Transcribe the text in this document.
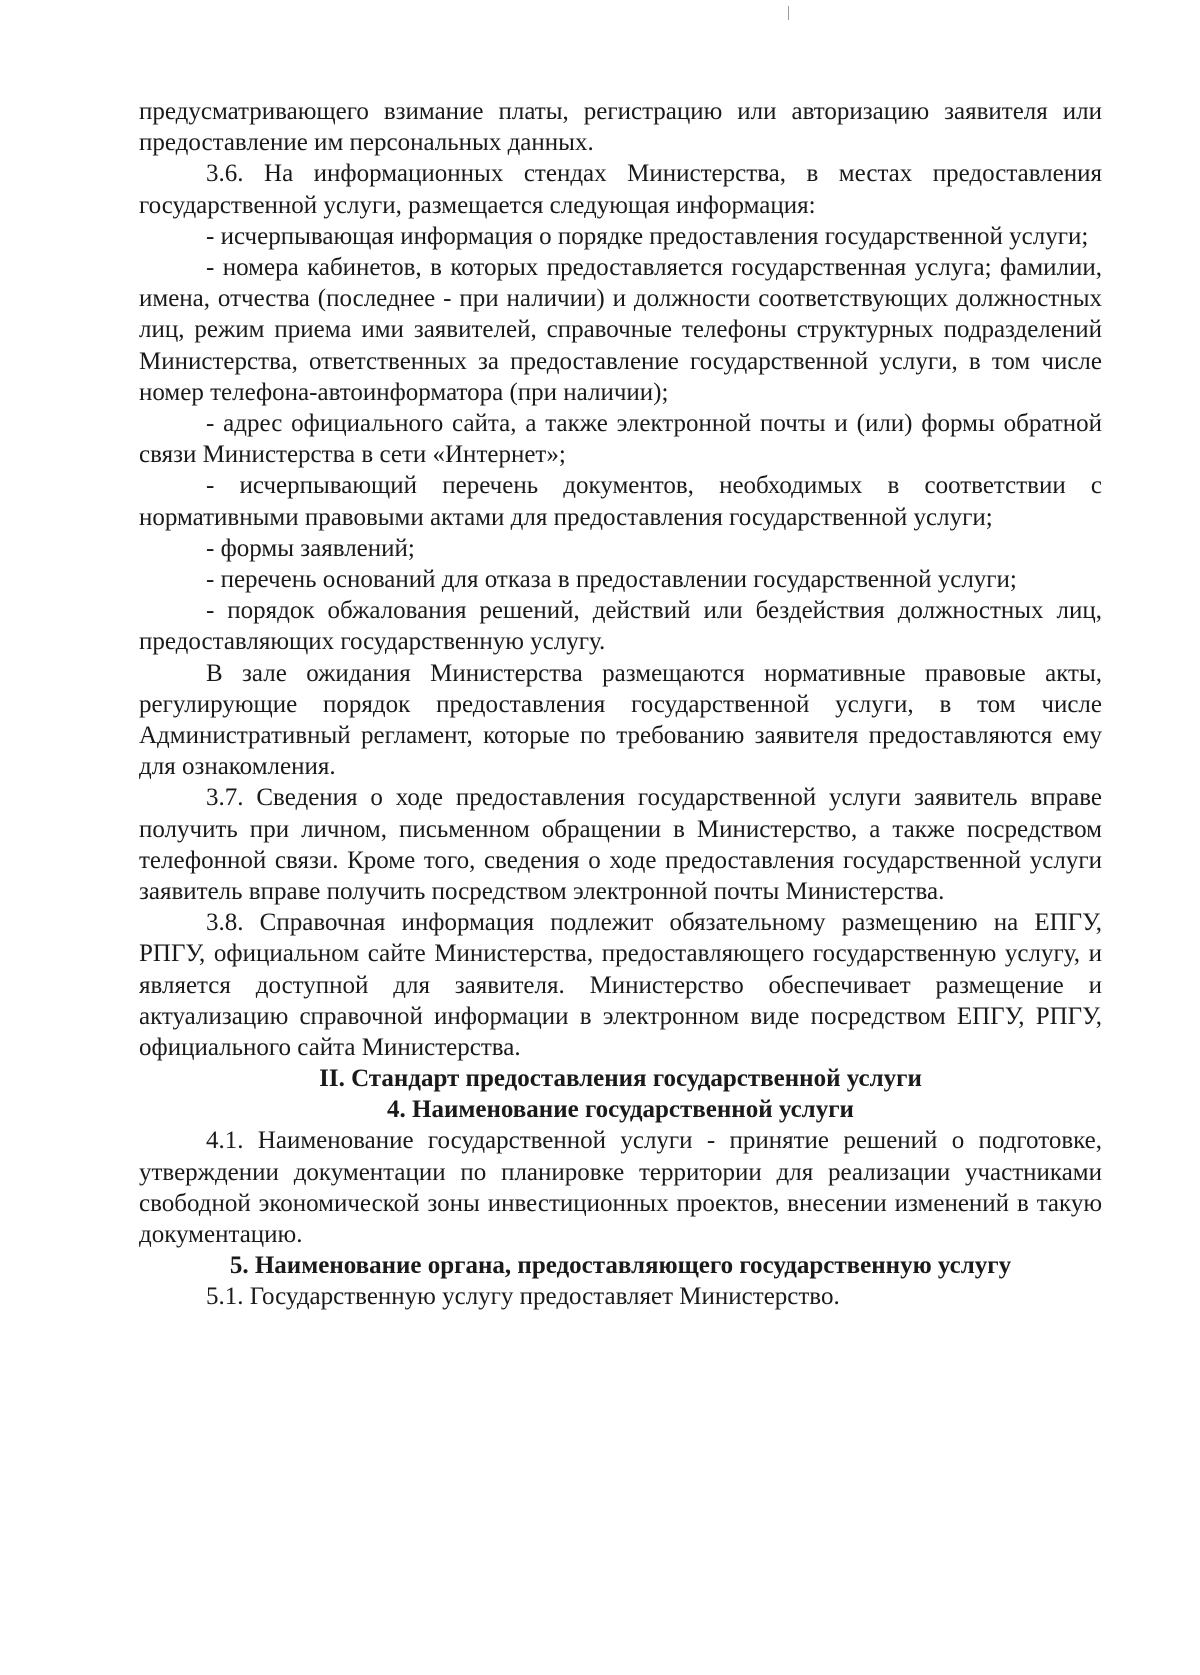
предусматривающего взимание платы, регистрацию или авторизацию заявителя или предоставление им персональных данных.

3.6. На информационных стендах Министерства, в местах предоставления государственной услуги, размещается следующая информация:

- исчерпывающая информация о порядке предоставления государственной услуги;

- номера кабинетов, в которых предоставляется государственная услуга; фамилии, имена, отчества (последнее - при наличии) и должности соответствующих должностных лиц, режим приема ими заявителей, справочные телефоны структурных подразделений Министерства, ответственных за предоставление государственной услуги, в том числе номер телефона-автоинформатора (при наличии);

- адрес официального сайта, а также электронной почты и (или) формы обратной связи Министерства в сети «Интернет»;

- исчерпывающий перечень документов, необходимых в соответствии с нормативными правовыми актами для предоставления государственной услуги;

- формы заявлений;

- перечень оснований для отказа в предоставлении государственной услуги;

- порядок обжалования решений, действий или бездействия должностных лиц, предоставляющих государственную услугу.

В зале ожидания Министерства размещаются нормативные правовые акты, регулирующие порядок предоставления государственной услуги, в том числе Административный регламент, которые по требованию заявителя предоставляются ему для ознакомления.

3.7. Сведения о ходе предоставления государственной услуги заявитель вправе получить при личном, письменном обращении в Министерство, а также посредством телефонной связи. Кроме того, сведения о ходе предоставления государственной услуги заявитель вправе получить посредством электронной почты Министерства.

3.8. Справочная информация подлежит обязательному размещению на ЕПГУ, РПГУ, официальном сайте Министерства, предоставляющего государственную услугу, и является доступной для заявителя. Министерство обеспечивает размещение и актуализацию справочной информации в электронном виде посредством ЕПГУ, РПГУ, официального сайта Министерства.

II. Стандарт предоставления государственной услуги
4. Наименование государственной услуги

4.1. Наименование государственной услуги - принятие решений о подготовке, утверждении документации по планировке территории для реализации участниками свободной экономической зоны инвестиционных проектов, внесении изменений в такую документацию.

5. Наименование органа, предоставляющего государственную услугу

5.1. Государственную услугу предоставляет Министерство.
